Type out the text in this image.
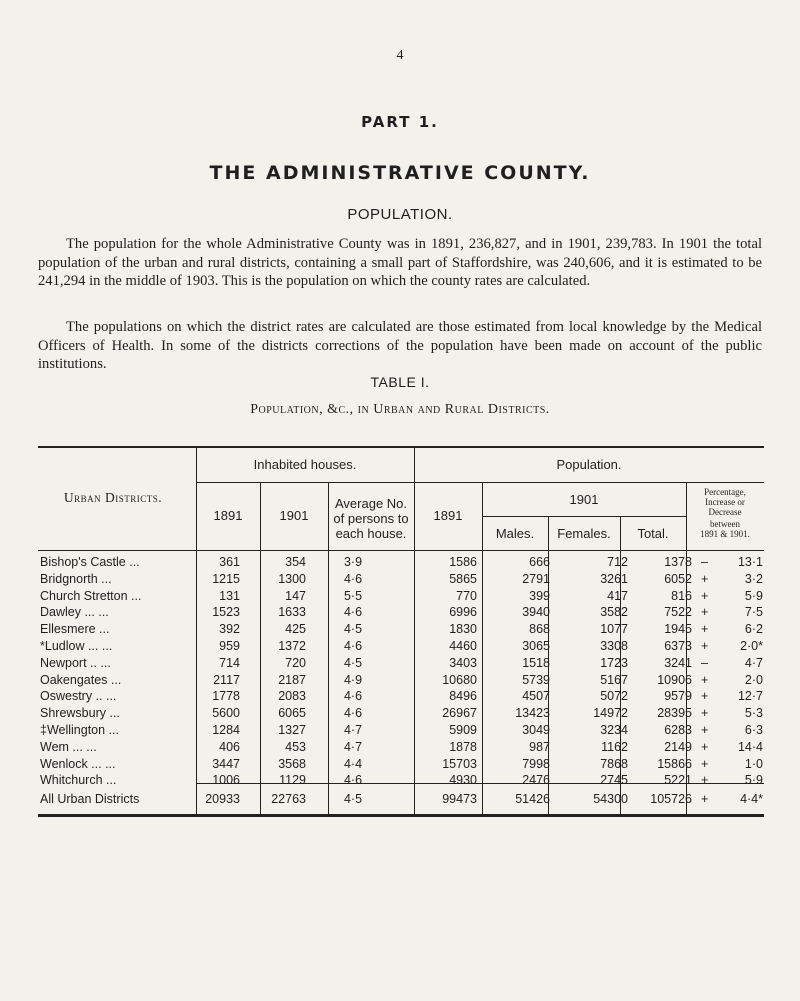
4
PART 1.
THE ADMINISTRATIVE COUNTY.
POPULATION.
The population for the whole Administrative County was in 1891, 236,827, and in 1901, 239,783. In 1901 the total population of the urban and rural districts, containing a small part of Staffordshire, was 240,606, and it is estimated to be 241,294 in the middle of 1903. This is the population on which the county rates are calculated.
The populations on which the district rates are calculated are those estimated from local knowledge by the Medical Officers of Health. In some of the districts corrections of the population have been made on account of the public institutions.
TABLE I.
Population, &c., in Urban and Rural Districts.
Urban Districts.
Inhabited houses.	Population.
1891	1901
Average No.
of persons to
each house.
1891
1901
Males.	Females.	Total.
Percentage,
Increase or
Decrease
between
1891 & 1901.
Bishop's Castle ...	361	354	3·9	1586	666	712	1378 – 13·1
Bridgnorth ...	1215	1300	4·6	5865	2791	3261	6052 +	3·2
Church Stretton ...	131	147	5·5	770	399	417	816 +	5·9
Dawley ... ...	1523	1633	4·6	6996	3940	3582	7522 +	7·5
Ellesmere ...	392	425	4·5	1830	868	1077	1945 +	6·2
*Ludlow ... ...	959	1372	4·6	4460	3065	3308	6373 +	2·0*
Newport .. ...	714	720	4·5	3403	1518	1723	3241 –	4·7
Oakengates ...	2117	2187	4·9	10680	5739	5167	10906 +	2·0
Oswestry .. ...	1778	2083	4·6	8496	4507	5072	9579 + 12·7
Shrewsbury ...	5600	6065	4·6	26967	13423	14972	28395 +	5·3
‡Wellington ...	1284	1327	4·7	5909	3049	3234	6283 +	6·3
Wem ... ...	406	453	4·7	1878	987	1162	2149 + 14·4
Wenlock ... ...	3447	3568	4·4	15703	7998	7868	15866 +	1·0
Whitchurch ...	1006	1129	4·6	4930	2476	2745	5221 +	5·9
All Urban Districts	20933	22763	4·5	99473	51426	54300	105726 +	4·4*
